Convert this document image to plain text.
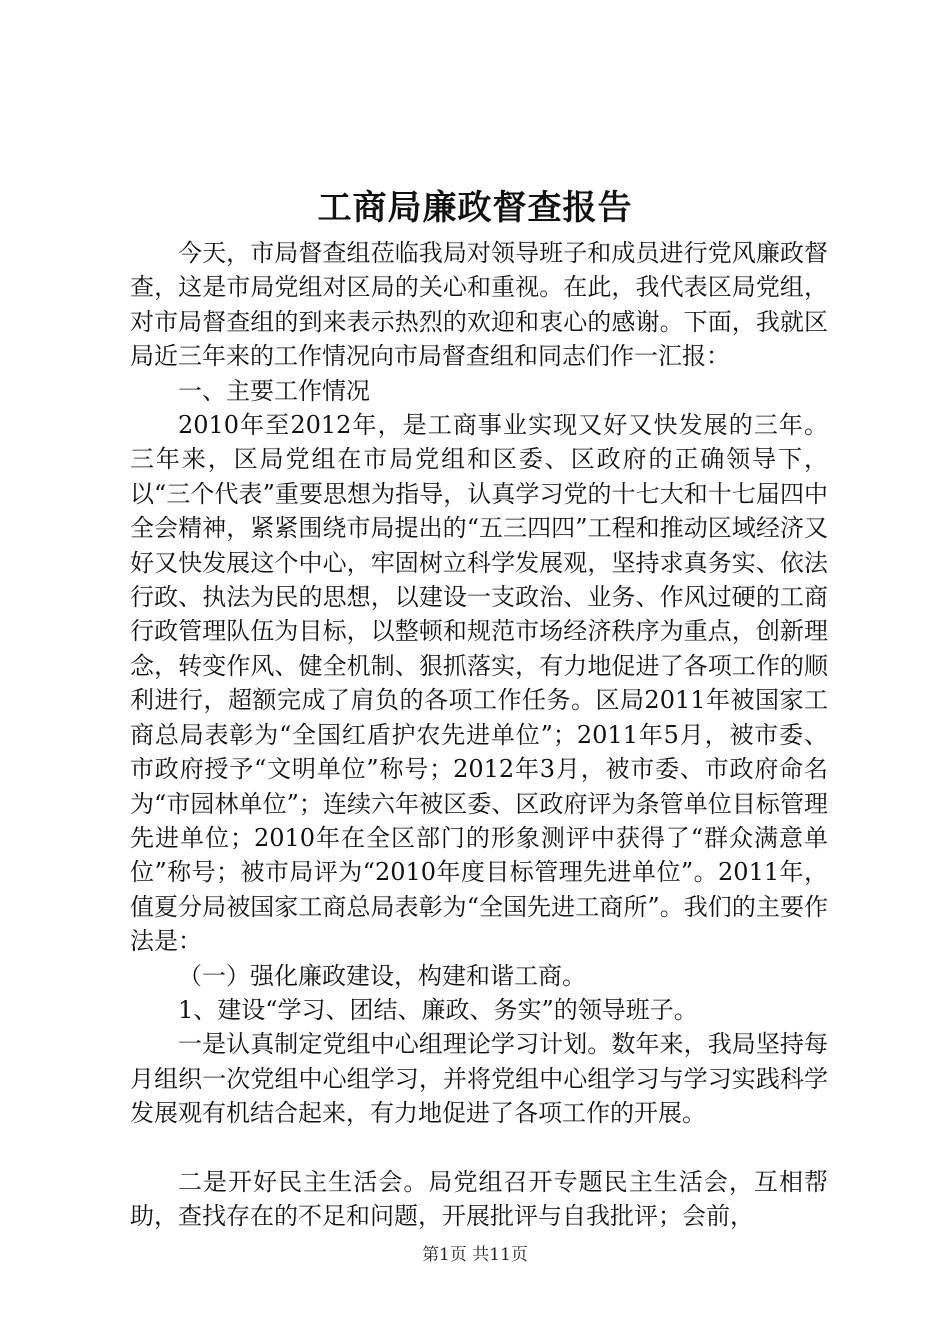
工商局廉政督查报告

今天，市局督查组莅临我局对领导班子和成员进行党风廉政督查，这是市局党组对区局的关心和重视。在此，我代表区局党组，对市局督查组的到来表示热烈的欢迎和衷心的感谢。下面，我就区局近三年来的工作情况向市局督查组和同志们作一汇报：

一、主要工作情况

2010年至2012年，是工商事业实现又好又快发展的三年。三年来，区局党组在市局党组和区委、区政府的正确领导下，以“三个代表”重要思想为指导，认真学习党的十七大和十七届四中全会精神，紧紧围绕市局提出的“五三四四”工程和推动区域经济又好又快发展这个中心，牢固树立科学发展观，坚持求真务实、依法行政、执法为民的思想，以建设一支政治、业务、作风过硬的工商行政管理队伍为目标，以整顿和规范市场经济秩序为重点，创新理念，转变作风、健全机制、狠抓落实，有力地促进了各项工作的顺利进行，超额完成了肩负的各项工作任务。区局2011年被国家工商总局表彰为“全国红盾护农先进单位”；2011年5月，被市委、市政府授予“文明单位”称号；2012年3月，被市委、市政府命名为“市园林单位”；连续六年被区委、区政府评为条管单位目标管理先进单位；2010年在全区部门的形象测评中获得了“群众满意单位”称号；被市局评为“2010年度目标管理先进单位”。2011年，值夏分局被国家工商总局表彰为“全国先进工商所”。我们的主要作法是：

（一）强化廉政建设，构建和谐工商。

1、建设“学习、团结、廉政、务实”的领导班子。

一是认真制定党组中心组理论学习计划。数年来，我局坚持每月组织一次党组中心组学习，并将党组中心组学习与学习实践科学发展观有机结合起来，有力地促进了各项工作的开展。

二是开好民主生活会。局党组召开专题民主生活会，互相帮助，查找存在的不足和问题，开展批评与自我批评；会前，

第1页 共11页
